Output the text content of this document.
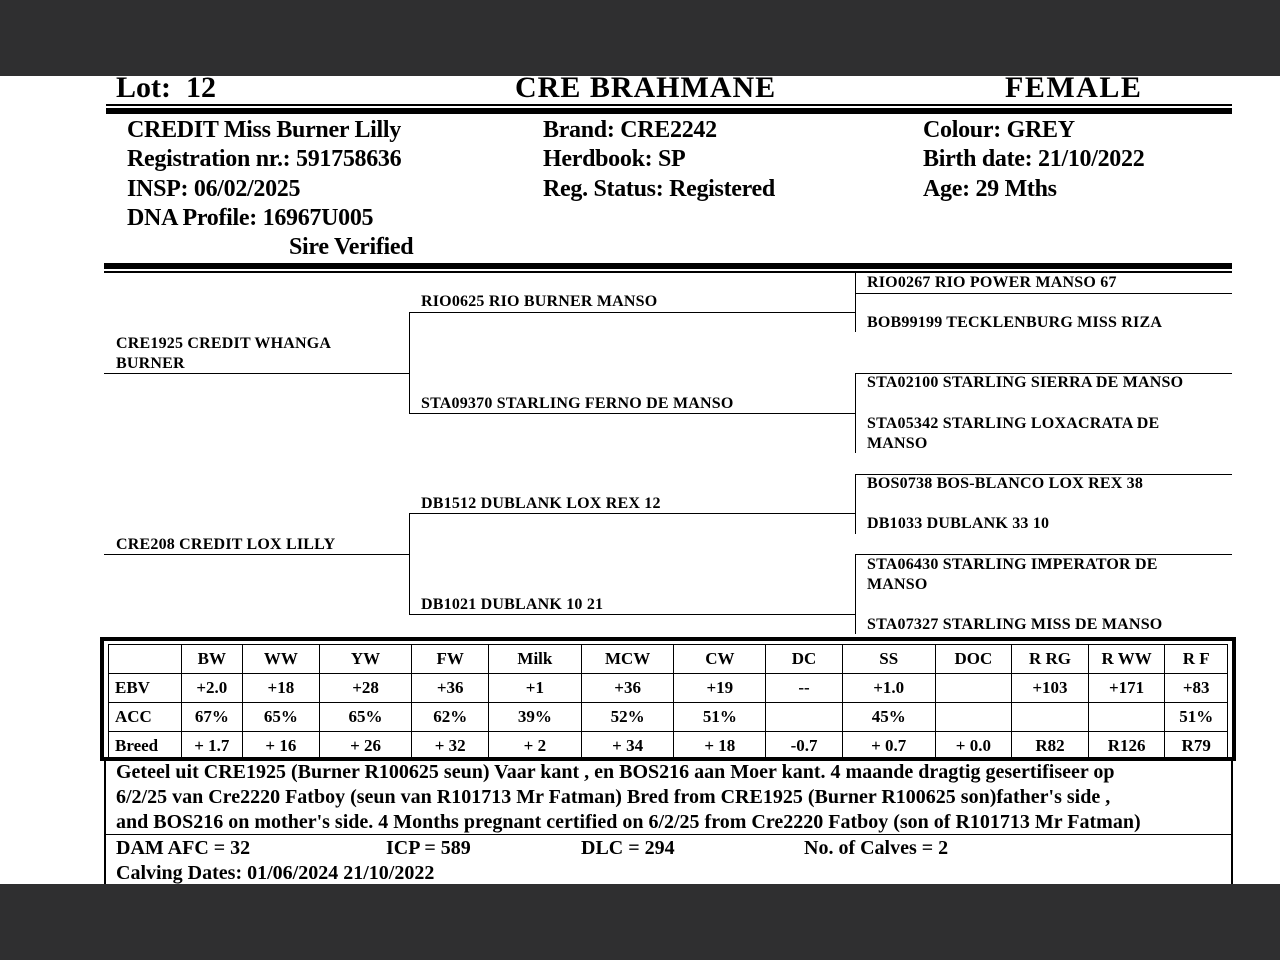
Lot: 12	CRE BRAHMANE	FEMALE
CREDIT Miss Burner Lilly
Registration nr.: 591758636
INSP: 06/02/2025
DNA Profile: 16967U005
Sire Verified
Brand: CRE2242
Herdbook: SP
Reg. Status: Registered
Colour: GREY
Birth date: 21/10/2022
Age: 29 Mths
CRE1925 CREDIT WHANGA BURNER
CRE208 CREDIT LOX LILLY
RIO0625 RIO BURNER MANSO
STA09370 STARLING FERNO DE MANSO
DB1512 DUBLANK LOX REX 12
DB1021 DUBLANK 10 21
RIO0267 RIO POWER MANSO 67
BOB99199 TECKLENBURG MISS RIZA
STA02100 STARLING SIERRA DE MANSO
STA05342 STARLING LOXACRATA DE MANSO
BOS0738 BOS-BLANCO LOX REX 38
DB1033 DUBLANK 33 10
STA06430 STARLING IMPERATOR DE MANSO
STA07327 STARLING MISS DE MANSO
	BW	WW	YW	FW	Milk	MCW	CW	DC	SS	DOC	R RG	R WW	R F
EBV	+2.0	+18	+28	+36	+1	+36	+19	--	+1.0		+103	+171	+83
ACC	67%	65%	65%	62%	39%	52%	51%		45%				51%
Breed	+ 1.7	+ 16	+ 26	+ 32	+ 2	+ 34	+ 18	-0.7	+ 0.7	+ 0.0	R82	R126	R79
Geteel uit CRE1925 (Burner R100625 seun) Vaar kant , en BOS216 aan Moer kant. 4 maande dragtig gesertifiseer op
6/2/25 van Cre2220 Fatboy (seun van R101713 Mr Fatman) Bred from CRE1925 (Burner R100625 son)father's side ,
and BOS216 on mother's side. 4 Months pregnant certified on 6/2/25 from Cre2220 Fatboy (son of R101713 Mr Fatman)
DAM AFC = 32	ICP = 589	DLC = 294	No. of Calves = 2
Calving Dates: 01/06/2024 21/10/2022
